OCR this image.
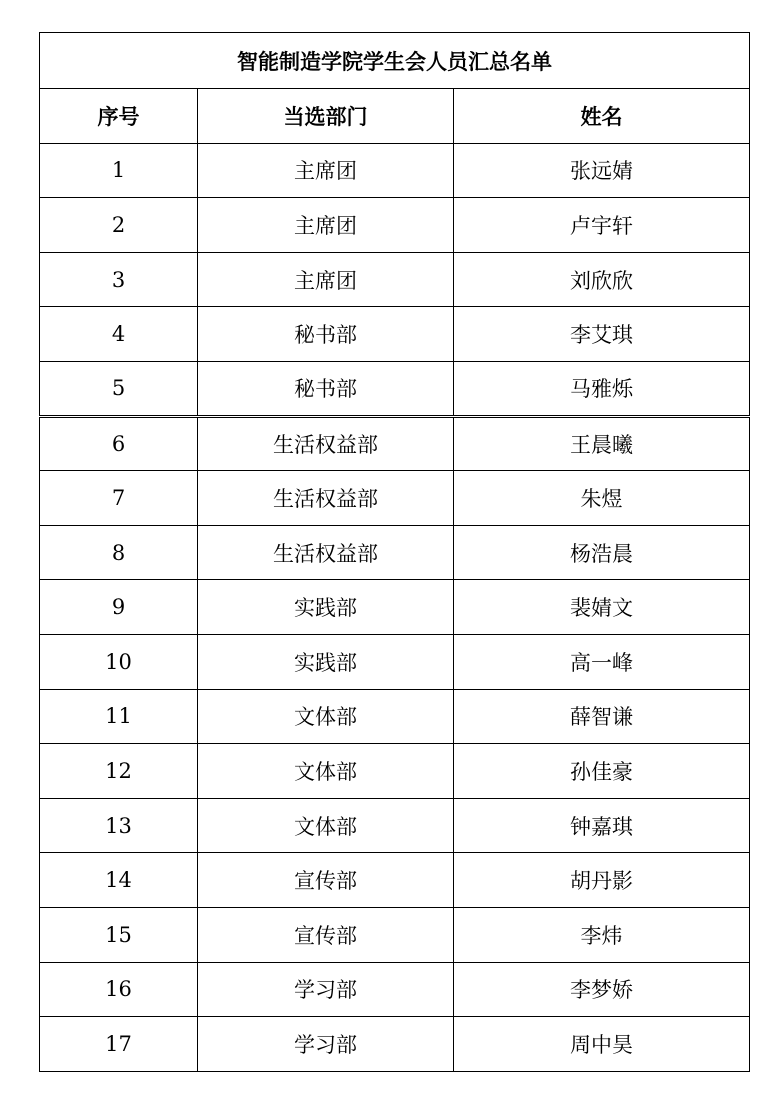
智能制造学院学生会人员汇总名单		
序号	当选部门	姓名
1	主席团	张远婧
2	主席团	卢宇轩
3	主席团	刘欣欣
4	秘书部	李艾琪
5	秘书部	马雅烁
6	生活权益部	王晨曦
7	生活权益部	朱煜
8	生活权益部	杨浩晨
9	实践部	裴婧文
10	实践部	高一峰
11	文体部	薛智谦
12	文体部	孙佳豪
13	文体部	钟嘉琪
14	宣传部	胡丹影
15	宣传部	李炜
16	学习部	李梦娇
17	学习部	周中昊
